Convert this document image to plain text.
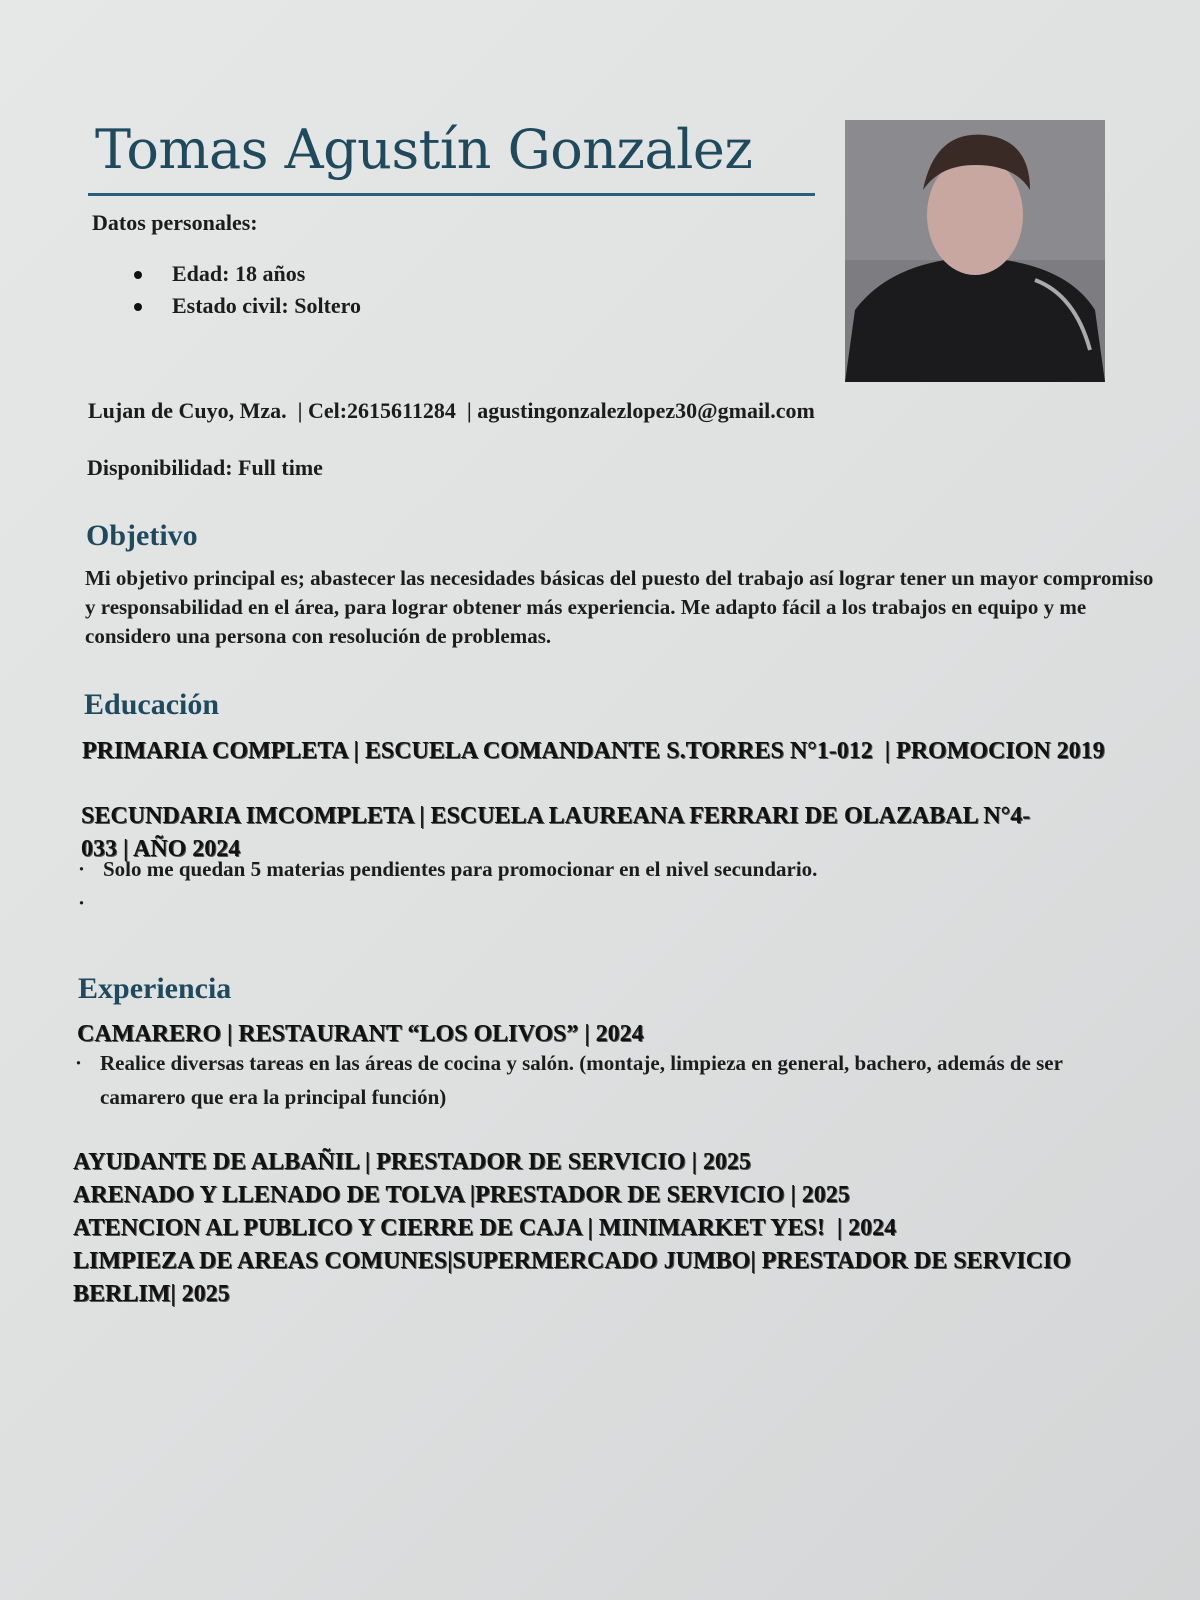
Tomas Agustín Gonzalez
Datos personales:
Edad: 18 años
Estado civil: Soltero
Lujan de Cuyo, Mza.  | Cel:2615611284  | agustingonzalezlopez30@gmail.com
Disponibilidad: Full time
Objetivo
Mi objetivo principal es; abastecer las necesidades básicas del puesto del trabajo así lograr tener un mayor compromiso y responsabilidad en el área, para lograr obtener más experiencia. Me adapto fácil a los trabajos en equipo y me considero una persona con resolución de problemas.
Educación
PRIMARIA COMPLETA | ESCUELA COMANDANTE S.TORRES N°1-012  | PROMOCION 2019
SECUNDARIA IMCOMPLETA | ESCUELA LAUREANA FERRARI DE OLAZABAL N°4-033 | AÑO 2024
· Solo me quedan 5 materias pendientes para promocionar en el nivel secundario.
·
Experiencia
CAMARERO | RESTAURANT “LOS OLIVOS” | 2024
· Realice diversas tareas en las áreas de cocina y salón. (montaje, limpieza en general, bachero, además de ser camarero que era la principal función)
AYUDANTE DE ALBAÑIL | PRESTADOR DE SERVICIO | 2025
ARENADO Y LLENADO DE TOLVA |PRESTADOR DE SERVICIO | 2025
ATENCION AL PUBLICO Y CIERRE DE CAJA | MINIMARKET YES!  | 2024
LIMPIEZA DE AREAS COMUNES|SUPERMERCADO JUMBO| PRESTADOR DE SERVICIO BERLIM| 2025
